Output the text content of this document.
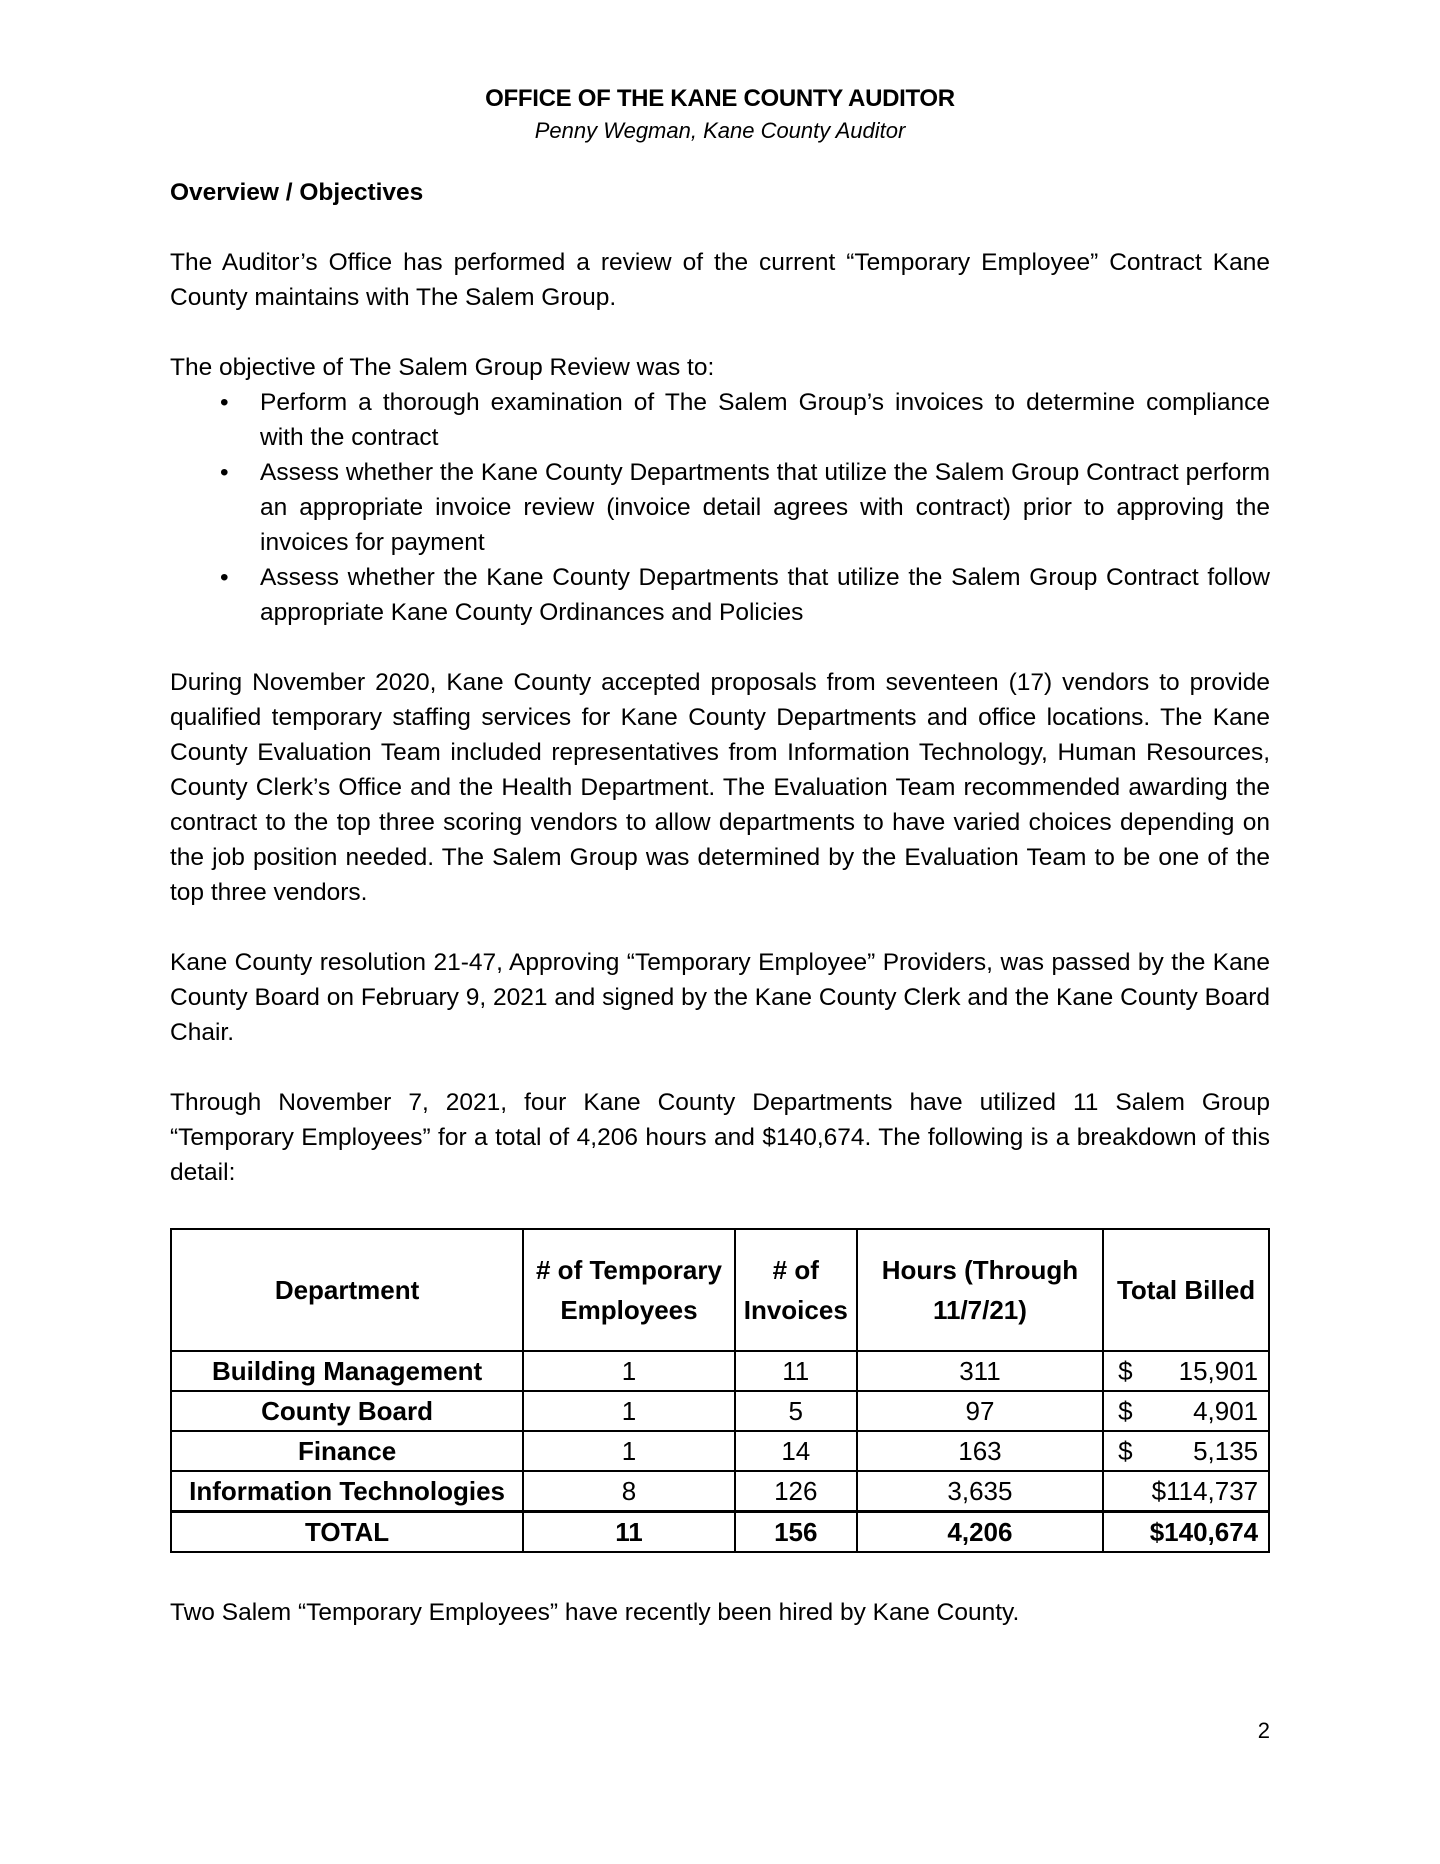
OFFICE OF THE KANE COUNTY AUDITOR
Penny Wegman, Kane County Auditor

Overview / Objectives

The Auditor’s Office has performed a review of the current “Temporary Employee” Contract Kane County maintains with The Salem Group.

The objective of The Salem Group Review was to:

• Perform a thorough examination of The Salem Group’s invoices to determine compliance with the contract
• Assess whether the Kane County Departments that utilize the Salem Group Contract perform an appropriate invoice review (invoice detail agrees with contract) prior to approving the invoices for payment
• Assess whether the Kane County Departments that utilize the Salem Group Contract follow appropriate Kane County Ordinances and Policies

During November 2020, Kane County accepted proposals from seventeen (17) vendors to provide qualified temporary staffing services for Kane County Departments and office locations. The Kane County Evaluation Team included representatives from Information Technology, Human Resources, County Clerk’s Office and the Health Department. The Evaluation Team recommended awarding the contract to the top three scoring vendors to allow departments to have varied choices depending on the job position needed. The Salem Group was determined by the Evaluation Team to be one of the top three vendors.

Kane County resolution 21-47, Approving “Temporary Employee” Providers, was passed by the Kane County Board on February 9, 2021 and signed by the Kane County Clerk and the Kane County Board Chair.

Through November 7, 2021, four Kane County Departments have utilized 11 Salem Group “Temporary Employees” for a total of 4,206 hours and $140,674. The following is a breakdown of this detail:

Department	# of Temporary Employees	# of Invoices	Hours (Through 11/7/21)	Total Billed
Building Management	1	11	311	$ 15,901
County Board	1	5	97	$ 4,901
Finance	1	14	163	$ 5,135
Information Technologies	8	126	3,635	$114,737
TOTAL	11	156	4,206	$140,674

Two Salem “Temporary Employees” have recently been hired by Kane County.

2
